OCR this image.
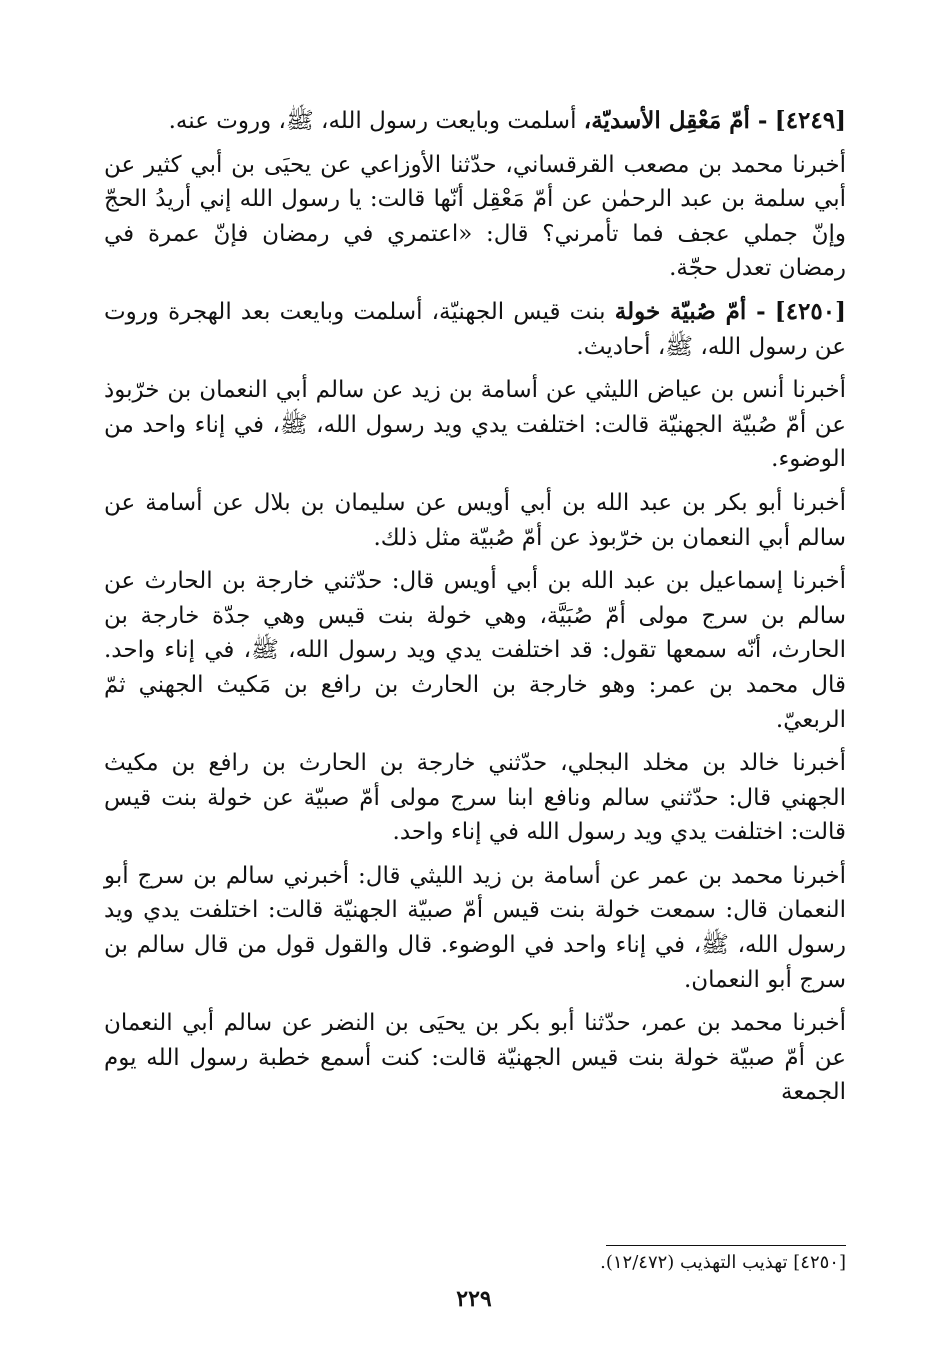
[٤٢٤٩] - أمّ مَعْقِل الأسديّة، أسلمت وبايعت رسول الله، ﷺ، وروت عنه.

أخبرنا محمد بن مصعب القرقساني، حدّثنا الأوزاعي عن يحيَى بن أبي كثير عن أبي سلمة بن عبد الرحمٰن عن أمّ مَعْقِل أنّها قالت: يا رسول الله إني أريدُ الحجّ وإنّ جملي عجف فما تأمرني؟ قال: «اعتمري في رمضان فإنّ عمرة في رمضان تعدل حجّة.

[٤٢٥٠] - أمّ صُبيّة خولة بنت قيس الجهنيّة، أسلمت وبايعت بعد الهجرة وروت عن رسول الله، ﷺ، أحاديث.

أخبرنا أنس بن عياض الليثي عن أسامة بن زيد عن سالم أبي النعمان بن خرّبوذ عن أمّ صُبيّة الجهنيّة قالت: اختلفت يدي ويد رسول الله، ﷺ، في إناء واحد من الوضوء.

أخبرنا أبو بكر بن عبد الله بن أبي أويس عن سليمان بن بلال عن أسامة عن سالم أبي النعمان بن خرّبوذ عن أمّ صُبيّة مثل ذلك.

أخبرنا إسماعيل بن عبد الله بن أبي أويس قال: حدّثني خارجة بن الحارث عن سالم بن سرج مولى أمّ صُبَيَّة، وهي خولة بنت قيس وهي جدّة خارجة بن الحارث، أنّه سمعها تقول: قد اختلفت يدي ويد رسول الله، ﷺ، في إناء واحد. قال محمد بن عمر: وهو خارجة بن الحارث بن رافع بن مَكيث الجهني ثمّ الربعيّ.

أخبرنا خالد بن مخلد البجلي، حدّثني خارجة بن الحارث بن رافع بن مكيث الجهني قال: حدّثني سالم ونافع ابنا سرج مولى أمّ صبيّة عن خولة بنت قيس قالت: اختلفت يدي ويد رسول الله في إناء واحد.

أخبرنا محمد بن عمر عن أسامة بن زيد الليثي قال: أخبرني سالم بن سرج أبو النعمان قال: سمعت خولة بنت قيس أمّ صبيّة الجهنيّة قالت: اختلفت يدي ويد رسول الله، ﷺ، في إناء واحد في الوضوء. قال والقول قول من قال سالم بن سرج أبو النعمان.

أخبرنا محمد بن عمر، حدّثنا أبو بكر بن يحيَى بن النضر عن سالم أبي النعمان عن أمّ صبيّة خولة بنت قيس الجهنيّة قالت: كنت أسمع خطبة رسول الله يوم الجمعة

[٤٢٥٠] تهذيب التهذيب (١٢/٤٧٢).
٢٢٩
